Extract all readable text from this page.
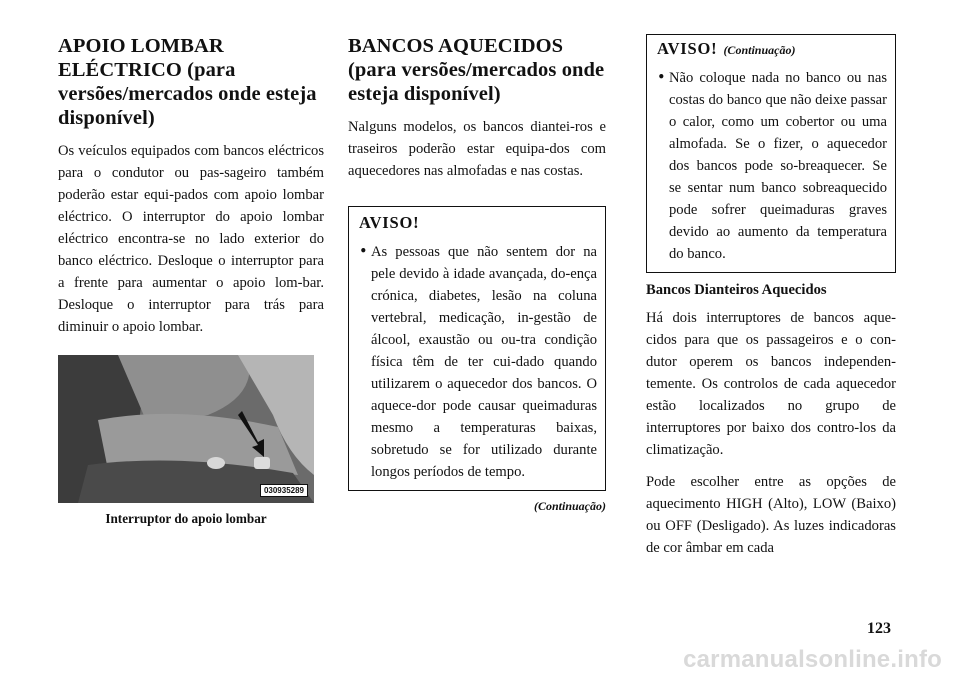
APOIO LOMBAR ELÉCTRICO (para versões/mercados onde esteja disponível)

Os veículos equipados com bancos eléctricos para o condutor ou pas-sageiro também poderão estar equi-pados com apoio lombar eléctrico. O interruptor do apoio lombar eléctrico encontra-se no lado exterior do banco eléctrico. Desloque o interruptor para a frente para aumentar o apoio lom-bar. Desloque o interruptor para trás para diminuir o apoio lombar.

030935289
Interruptor do apoio lombar
BANCOS AQUECIDOS (para versões/mercados onde esteja disponível)

Nalguns modelos, os bancos diantei-ros e traseiros poderão estar equipa-dos com aquecedores nas almofadas e nas costas.

AVISO!
• As pessoas que não sentem dor na pele devido à idade avançada, do-ença crónica, diabetes, lesão na coluna vertebral, medicação, in-gestão de álcool, exaustão ou ou-tra condição física têm de ter cui-dado quando utilizarem o aquecedor dos bancos. O aquece-dor pode causar queimaduras mesmo a temperaturas baixas, sobretudo se for utilizado durante longos períodos de tempo.
(Continuação)
AVISO! (Continuação)
• Não coloque nada no banco ou nas costas do banco que não deixe passar o calor, como um cobertor ou uma almofada. Se o fizer, o aquecedor dos bancos pode so-breaquecer. Se se sentar num banco sobreaquecido pode sofrer queimaduras graves devido ao aumento da temperatura do banco.
Bancos Dianteiros Aquecidos

Há dois interruptores de bancos aque-cidos para que os passageiros e o con-dutor operem os bancos independen-temente. Os controlos de cada aquecedor estão localizados no grupo de interruptores por baixo dos contro-los da climatização.

Pode escolher entre as opções de aquecimento HIGH (Alto), LOW (Baixo) ou OFF (Desligado). As luzes indicadoras de cor âmbar em cada

123
carmanualsonline.info
